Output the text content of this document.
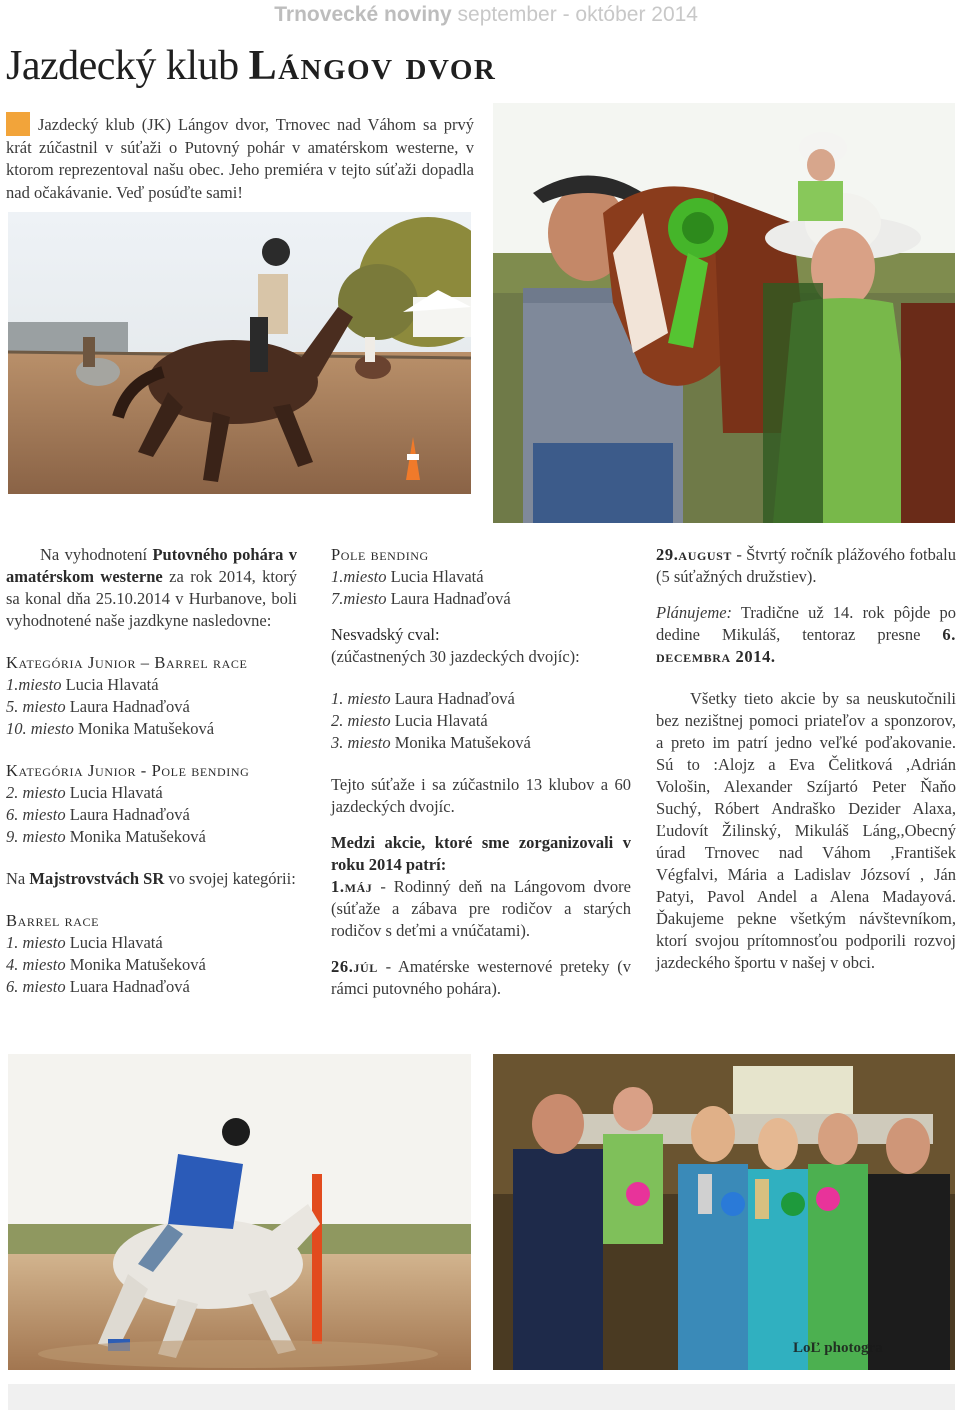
Trnovecké noviny september - október 2014
Jazdecký klub Lángov dvor

Jazdecký klub (JK) Lángov dvor, Trnovec nad Váhom sa prvý krát zúčastnil v súťaži o Putovný pohár v amatérskom westerne, v ktorom reprezentoval našu obec. Jeho premiéra v tejto súťaži dopadla nad očakávanie. Veď posúďte sami!

Na vyhodnotení Putovného pohára v amatérskom westerne za rok 2014, ktorý sa konal dňa 25.10.2014 v Hurbanove, boli vyhodnotené naše jazdkyne nasledovne:

Kategória Junior – Barrel race

1.miesto Lucia Hlavatá

5. miesto Laura Hadnaďová

10. miesto Monika Matušeková

Kategória Junior - Pole bending

2. miesto Lucia Hlavatá

6. miesto Laura Hadnaďová

9. miesto Monika Matušeková

Na Majstrovstvách SR vo svojej kategórii:

Barrel race

1. miesto Lucia Hlavatá

4. miesto Monika Matušeková

6. miesto Luara Hadnaďová

Pole bending

1.miesto Lucia Hlavatá

7.miesto Laura Hadnaďová

Nesvadský cval:

(zúčastnených 30 jazdeckých dvojíc):

1. miesto Laura Hadnaďová

2. miesto Lucia Hlavatá

3. miesto Monika Matušeková

Tejto súťaže i sa zúčastnilo 13 klubov a 60 jazdeckých dvojíc.

Medzi akcie, ktoré sme zorganizovali v roku 2014 patrí:

1.máj - Rodinný deň na Lángovom dvore (súťaže a zábava pre rodičov a starých rodičov s deťmi a vnúčatami).

26.júl - Amatérske westernové preteky (v rámci putovného pohára).

29.august - Štvrtý ročník plážového fotbalu (5 súťažných družstiev).

Plánujeme: Tradične už 14. rok pôjde po dedine Mikuláš, tentoraz presne 6. decembra 2014.

Všetky tieto akcie by sa neuskutočnili bez nezištnej pomoci priateľov a sponzorov, a preto im patrí jedno veľké poďakovanie. Sú to :Alojz a Eva Čelitková ,Adrián Vološin, Alexander Szíjartó Peter Ňaňo Suchý, Róbert Andraško Dezider Alaxa, Ľudovít Žilinský, Mikuláš Láng,,Obecný úrad Trnovec nad Váhom ,František Végfalvi, Mária a Ladislav Józsoví , Ján Patyi, Pavol Andel a Alena Madayová. Ďakujeme pekne všetkým návštevníkom, ktorí svojou prítomnosťou podporili rozvoj jazdeckého športu v našej v obci.

LoĽ photogra
